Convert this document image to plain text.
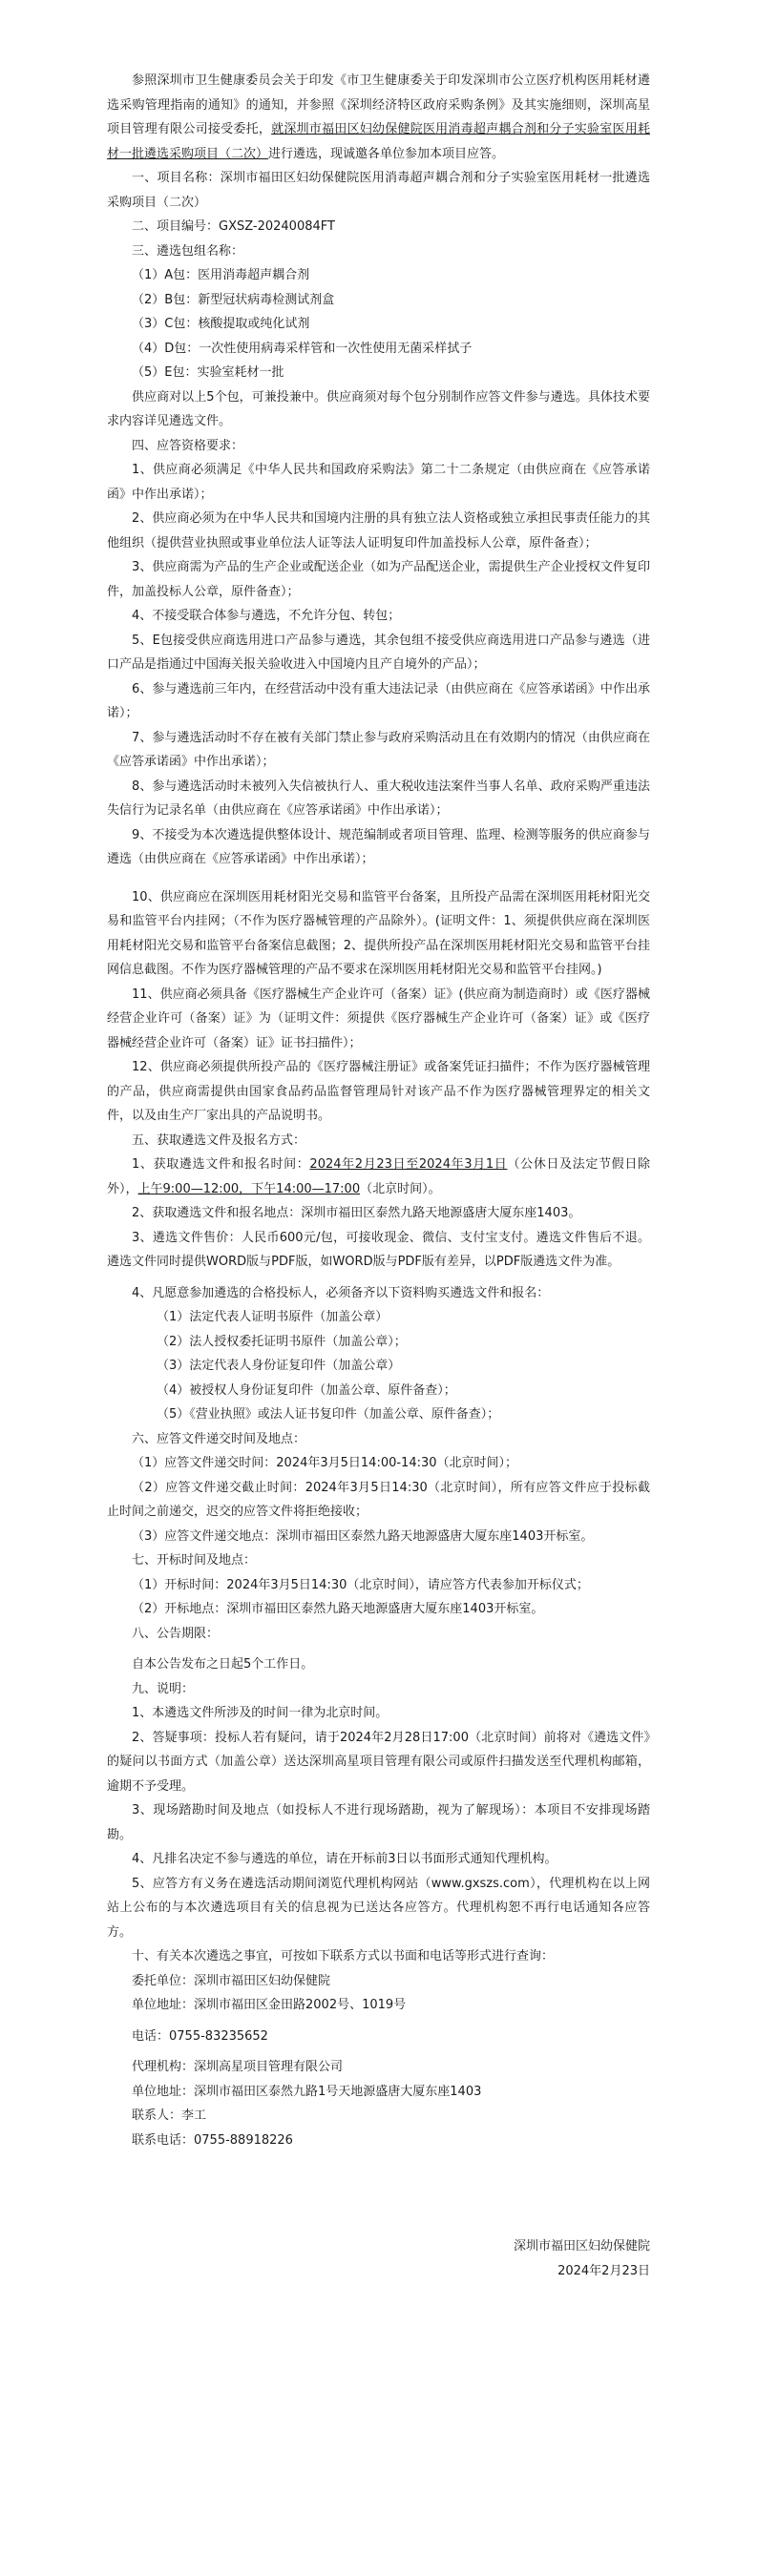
参照深圳市卫生健康委员会关于印发《市卫生健康委关于印发深圳市公立医疗机构医用耗材遴选采购管理指南的通知》的通知，并参照《深圳经济特区政府采购条例》及其实施细则，深圳高星项目管理有限公司接受委托，就深圳市福田区妇幼保健院医用消毒超声耦合剂和分子实验室医用耗材一批遴选采购项目（二次）进行遴选，现诚邀各单位参加本项目应答。

一、项目名称：深圳市福田区妇幼保健院医用消毒超声耦合剂和分子实验室医用耗材一批遴选采购项目（二次）

二、项目编号：GXSZ-20240084FT

三、遴选包组名称：

（1）A包：医用消毒超声耦合剂

（2）B包：新型冠状病毒检测试剂盒

（3）C包：核酸提取或纯化试剂

（4）D包：一次性使用病毒采样管和一次性使用无菌采样拭子

（5）E包：实验室耗材一批

供应商对以上5个包，可兼投兼中。供应商须对每个包分别制作应答文件参与遴选。具体技术要求内容详见遴选文件。

四、应答资格要求：

1、供应商必须满足《中华人民共和国政府采购法》第二十二条规定（由供应商在《应答承诺函》中作出承诺）；

2、供应商必须为在中华人民共和国境内注册的具有独立法人资格或独立承担民事责任能力的其他组织（提供营业执照或事业单位法人证等法人证明复印件加盖投标人公章，原件备查）；

3、供应商需为产品的生产企业或配送企业（如为产品配送企业，需提供生产企业授权文件复印件，加盖投标人公章，原件备查）；

4、不接受联合体参与遴选，不允许分包、转包；

5、E包接受供应商选用进口产品参与遴选，其余包组不接受供应商选用进口产品参与遴选（进口产品是指通过中国海关报关验收进入中国境内且产自境外的产品）；

6、参与遴选前三年内，在经营活动中没有重大违法记录（由供应商在《应答承诺函》中作出承诺）；

7、参与遴选活动时不存在被有关部门禁止参与政府采购活动且在有效期内的情况（由供应商在《应答承诺函》中作出承诺）；

8、参与遴选活动时未被列入失信被执行人、重大税收违法案件当事人名单、政府采购严重违法失信行为记录名单（由供应商在《应答承诺函》中作出承诺）；

9、不接受为本次遴选提供整体设计、规范编制或者项目管理、监理、检测等服务的供应商参与遴选（由供应商在《应答承诺函》中作出承诺）；

10、供应商应在深圳医用耗材阳光交易和监管平台备案，且所投产品需在深圳医用耗材阳光交易和监管平台内挂网；（不作为医疗器械管理的产品除外）。(证明文件：1、须提供供应商在深圳医用耗材阳光交易和监管平台备案信息截图；2、提供所投产品在深圳医用耗材阳光交易和监管平台挂网信息截图。不作为医疗器械管理的产品不要求在深圳医用耗材阳光交易和监管平台挂网。)

11、供应商必须具备《医疗器械生产企业许可（备案）证》(供应商为制造商时）或《医疗器械经营企业许可（备案）证》为（证明文件：须提供《医疗器械生产企业许可（备案）证》或《医疗器械经营企业许可（备案）证》证书扫描件）；

12、供应商必须提供所投产品的《医疗器械注册证》或备案凭证扫描件；不作为医疗器械管理的产品，供应商需提供由国家食品药品监督管理局针对该产品不作为医疗器械管理界定的相关文件，以及由生产厂家出具的产品说明书。

五、获取遴选文件及报名方式：

1、获取遴选文件和报名时间：2024年2月23日至2024年3月1日（公休日及法定节假日除外），上午9:00—12:00，下午14:00—17:00（北京时间）。

2、获取遴选文件和报名地点：深圳市福田区泰然九路天地源盛唐大厦东座1403。

3、遴选文件售价：人民币600元/包，可接收现金、微信、支付宝支付。遴选文件售后不退。遴选文件同时提供WORD版与PDF版，如WORD版与PDF版有差异，以PDF版遴选文件为准。

4、凡愿意参加遴选的合格投标人，必须备齐以下资料购买遴选文件和报名：

（1）法定代表人证明书原件（加盖公章）

（2）法人授权委托证明书原件（加盖公章）；

（3）法定代表人身份证复印件（加盖公章）

（4）被授权人身份证复印件（加盖公章、原件备查）；

（5）《营业执照》或法人证书复印件（加盖公章、原件备查）；

六、应答文件递交时间及地点：

（1）应答文件递交时间：2024年3月5日14:00-14:30（北京时间）；

（2）应答文件递交截止时间：2024年3月5日14:30（北京时间），所有应答文件应于投标截止时间之前递交，迟交的应答文件将拒绝接收；

（3）应答文件递交地点：深圳市福田区泰然九路天地源盛唐大厦东座1403开标室。

七、开标时间及地点：

（1）开标时间：2024年3月5日14:30（北京时间），请应答方代表参加开标仪式；

（2）开标地点：深圳市福田区泰然九路天地源盛唐大厦东座1403开标室。

八、公告期限：

自本公告发布之日起5个工作日。

九、说明：

1、本遴选文件所涉及的时间一律为北京时间。

2、答疑事项：投标人若有疑问，请于2024年2月28日17:00（北京时间）前将对《遴选文件》的疑问以书面方式（加盖公章）送达深圳高星项目管理有限公司或原件扫描发送至代理机构邮箱，逾期不予受理。

3、现场踏勘时间及地点（如投标人不进行现场踏勘，视为了解现场）：本项目不安排现场踏勘。

4、凡排名决定不参与遴选的单位，请在开标前3日以书面形式通知代理机构。

5、应答方有义务在遴选活动期间浏览代理机构网站（www.gxszs.com），代理机构在以上网站上公布的与本次遴选项目有关的信息视为已送达各应答方。代理机构恕不再行电话通知各应答方。

十、有关本次遴选之事宜，可按如下联系方式以书面和电话等形式进行查询：

委托单位：深圳市福田区妇幼保健院

单位地址：深圳市福田区金田路2002号、1019号

电话：0755-83235652

代理机构：深圳高星项目管理有限公司

单位地址：深圳市福田区泰然九路1号天地源盛唐大厦东座1403

联系人：李工

联系电话：0755-88918226

深圳市福田区妇幼保健院

2024年2月23日
